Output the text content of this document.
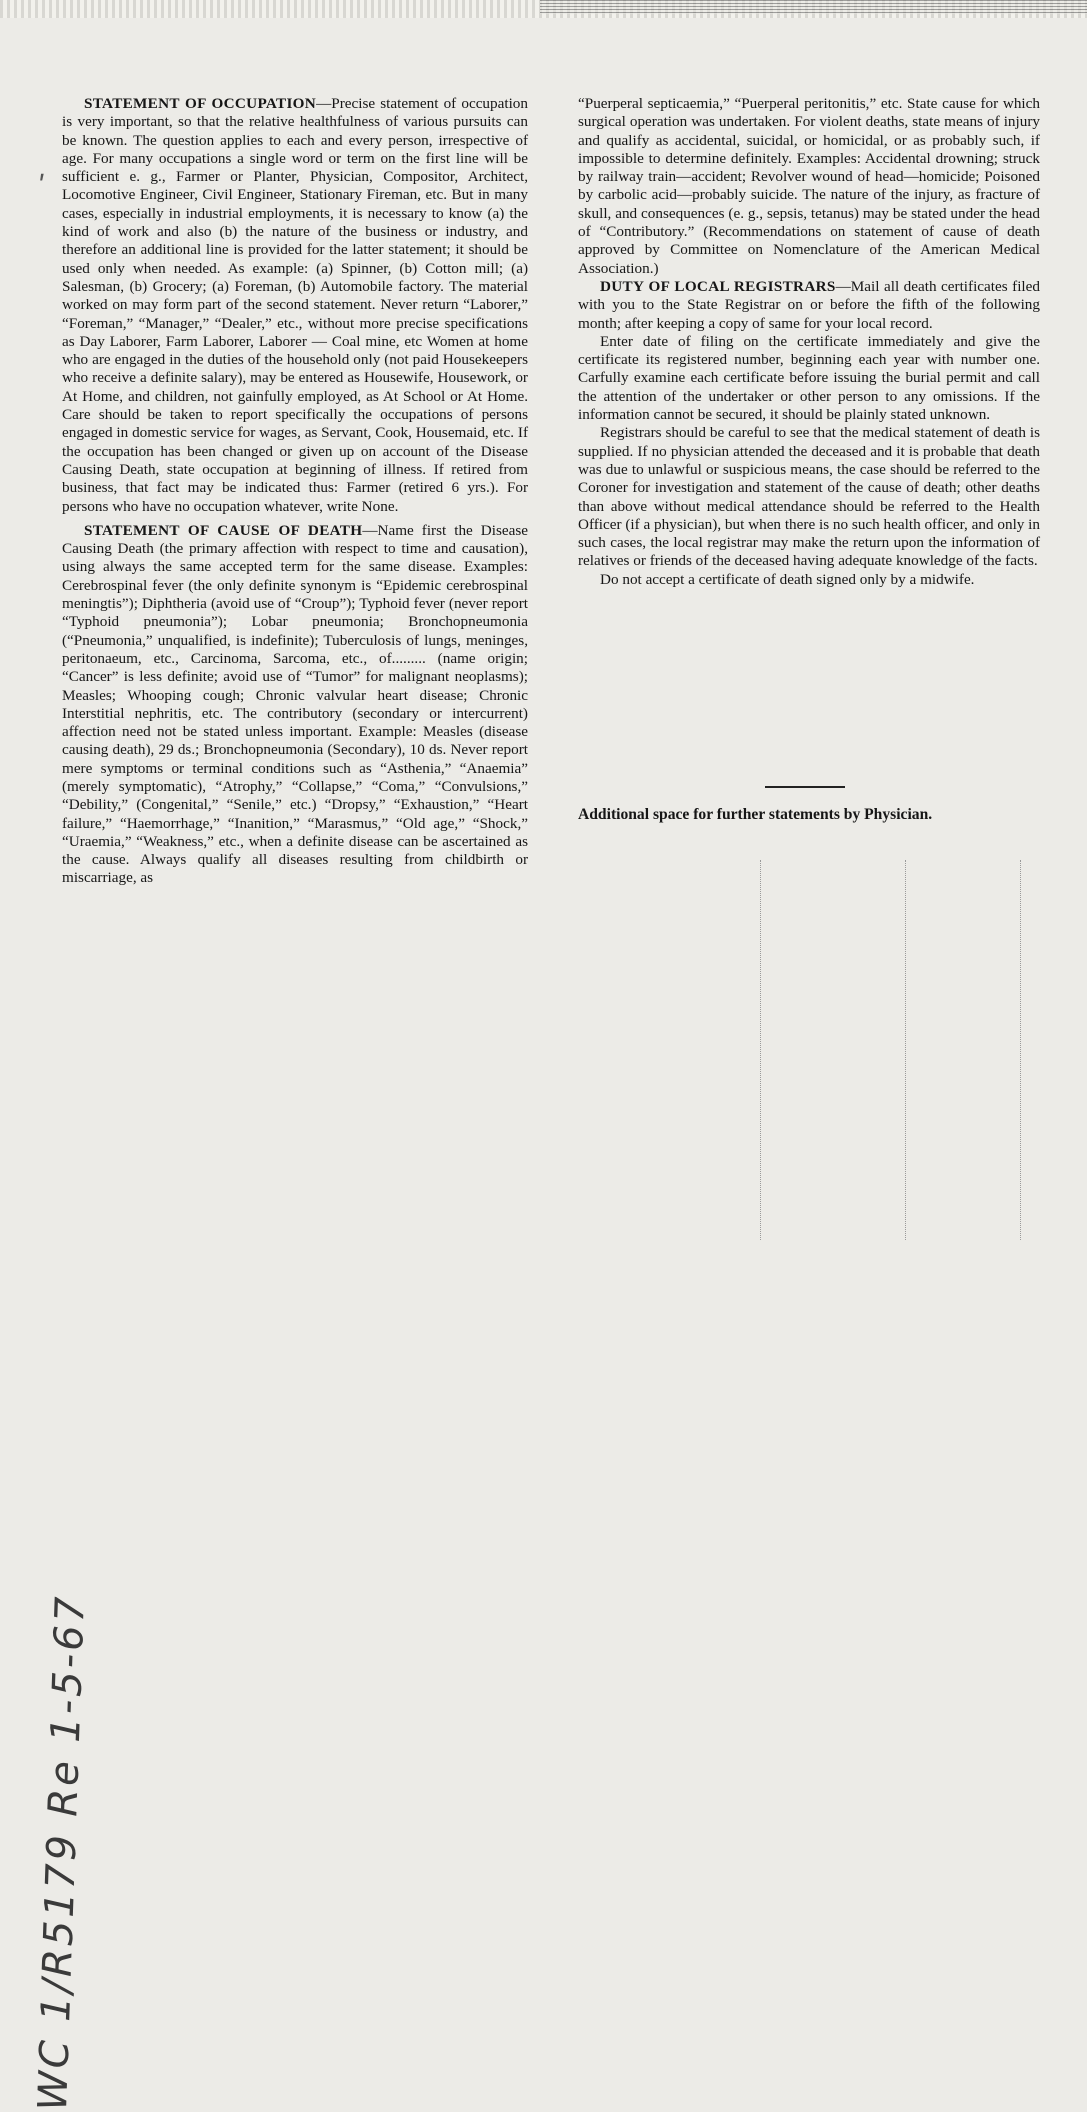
STATEMENT OF OCCUPATION—Precise statement of occupation is very important, so that the relative healthfulness of various pursuits can be known. The question applies to each and every person, irrespective of age. For many occupations a single word or term on the first line will be sufficient e. g., Farmer or Planter, Physician, Compositor, Architect, Locomotive Engineer, Civil Engineer, Stationary Fireman, etc. But in many cases, especially in industrial employments, it is necessary to know (a) the kind of work and also (b) the nature of the business or industry, and therefore an additional line is provided for the latter statement; it should be used only when needed. As example: (a) Spinner, (b) Cotton mill; (a) Salesman, (b) Grocery; (a) Foreman, (b) Automobile factory. The material worked on may form part of the second statement. Never return “Laborer,” “Foreman,” “Manager,” “Dealer,” etc., without more precise specifications as Day Laborer, Farm Laborer, Laborer — Coal mine, etc Women at home who are engaged in the duties of the household only (not paid Housekeepers who receive a definite salary), may be entered as Housewife, Housework, or At Home, and children, not gainfully employed, as At School or At Home. Care should be taken to report specifically the occupations of persons engaged in domestic service for wages, as Servant, Cook, Housemaid, etc. If the occupation has been changed or given up on account of the Disease Causing Death, state occupation at beginning of illness. If retired from business, that fact may be indicated thus: Farmer (retired 6 yrs.). For persons who have no occupation whatever, write None.

STATEMENT OF CAUSE OF DEATH—Name first the Disease Causing Death (the primary affection with respect to time and causation), using always the same accepted term for the same disease. Examples: Cerebrospinal fever (the only definite synonym is “Epidemic cerebrospinal meningtis”); Diphtheria (avoid use of “Croup”); Typhoid fever (never report “Typhoid pneumonia”); Lobar pneumonia; Bronchopneumonia (“Pneumonia,” unqualified, is indefinite); Tuberculosis of lungs, meninges, peritonaeum, etc., Carcinoma, Sarcoma, etc., of......... (name origin; “Cancer” is less definite; avoid use of “Tumor” for malignant neoplasms); Measles; Whooping cough; Chronic valvular heart disease; Chronic Interstitial nephritis, etc. The contributory (secondary or intercurrent) affection need not be stated unless important. Example: Measles (disease causing death), 29 ds.; Bronchopneumonia (Secondary), 10 ds. Never report mere symptoms or terminal conditions such as “Asthenia,” “Anaemia” (merely symptomatic), “Atrophy,” “Collapse,” “Coma,” “Convulsions,” “Debility,” (Congenital,” “Senile,” etc.) “Dropsy,” “Exhaustion,” “Heart failure,” “Haemorrhage,” “Inanition,” “Marasmus,” “Old age,” “Shock,” “Uraemia,” “Weakness,” etc., when a definite disease can be ascertained as the cause. Always qualify all diseases resulting from childbirth or miscarriage, as

“Puerperal septicaemia,” “Puerperal peritonitis,” etc. State cause for which surgical operation was undertaken. For violent deaths, state means of injury and qualify as accidental, suicidal, or homicidal, or as probably such, if impossible to determine definitely. Examples: Accidental drowning; struck by railway train—accident; Revolver wound of head—homicide; Poisoned by carbolic acid—probably suicide. The nature of the injury, as fracture of skull, and consequences (e. g., sepsis, tetanus) may be stated under the head of “Contributory.” (Recommendations on statement of cause of death approved by Committee on Nomenclature of the American Medical Association.)

DUTY OF LOCAL REGISTRARS—Mail all death certificates filed with you to the State Registrar on or before the fifth of the following month; after keeping a copy of same for your local record.

Enter date of filing on the certificate immediately and give the certificate its registered number, beginning each year with number one. Carfully examine each certificate before issuing the burial permit and call the attention of the undertaker or other person to any omissions. If the information cannot be secured, it should be plainly stated unknown.

Registrars should be careful to see that the medical statement of death is supplied. If no physician attended the deceased and it is probable that death was due to unlawful or suspicious means, the case should be referred to the Coroner for investigation and statement of the cause of death; other deaths than above without medical attendance should be referred to the Health Officer (if a physician), but when there is no such health officer, and only in such cases, the local registrar may make the return upon the information of relatives or friends of the deceased having adequate knowledge of the facts.

Do not accept a certificate of death signed only by a midwife.

Additional space for further statements by Physician.
ʹ
WC 1/R5179 Re 1-5-67
